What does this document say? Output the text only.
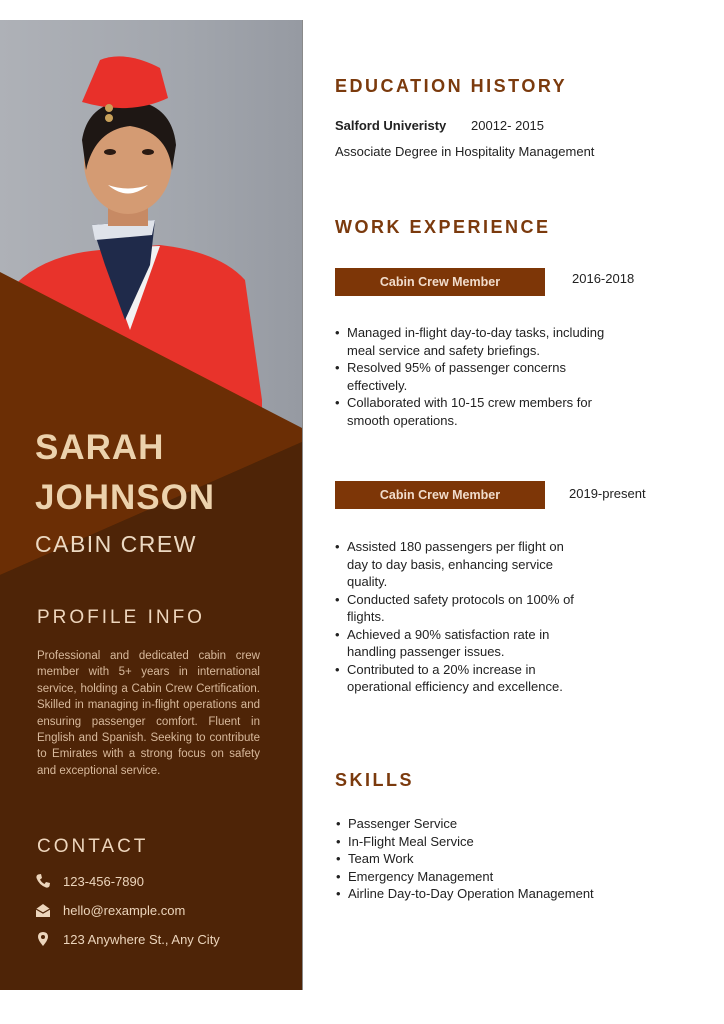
SARAH
JOHNSON
CABIN CREW
PROFILE INFO
Professional and dedicated cabin crew member with 5+ years in international service, holding a Cabin Crew Certification. Skilled in managing in-flight operations and ensuring passenger comfort. Fluent in English and Spanish. Seeking to contribute to Emirates with a strong focus on safety and exceptional service.
CONTACT
123-456-7890
hello@rexample.com
123 Anywhere St., Any City
EDUCATION HISTORY
Salford Univeristy 20012- 2015
Associate Degree in Hospitality Management
WORK EXPERIENCE
Cabin Crew Member	2016-2018
• Managed in-flight day-to-day tasks, including meal service and safety briefings.
• Resolved 95% of passenger concerns effectively.
• Collaborated with 10-15 crew members for smooth operations.
Cabin Crew Member	2019-present
• Assisted 180 passengers per flight on day to day basis, enhancing service quality.
• Conducted safety protocols on 100% of flights.
• Achieved a 90% satisfaction rate in handling passenger issues.
• Contributed to a 20% increase in operational efficiency and excellence.
SKILLS
• Passenger Service
• In-Flight Meal Service
• Team Work
• Emergency Management
• Airline Day-to-Day Operation Management
